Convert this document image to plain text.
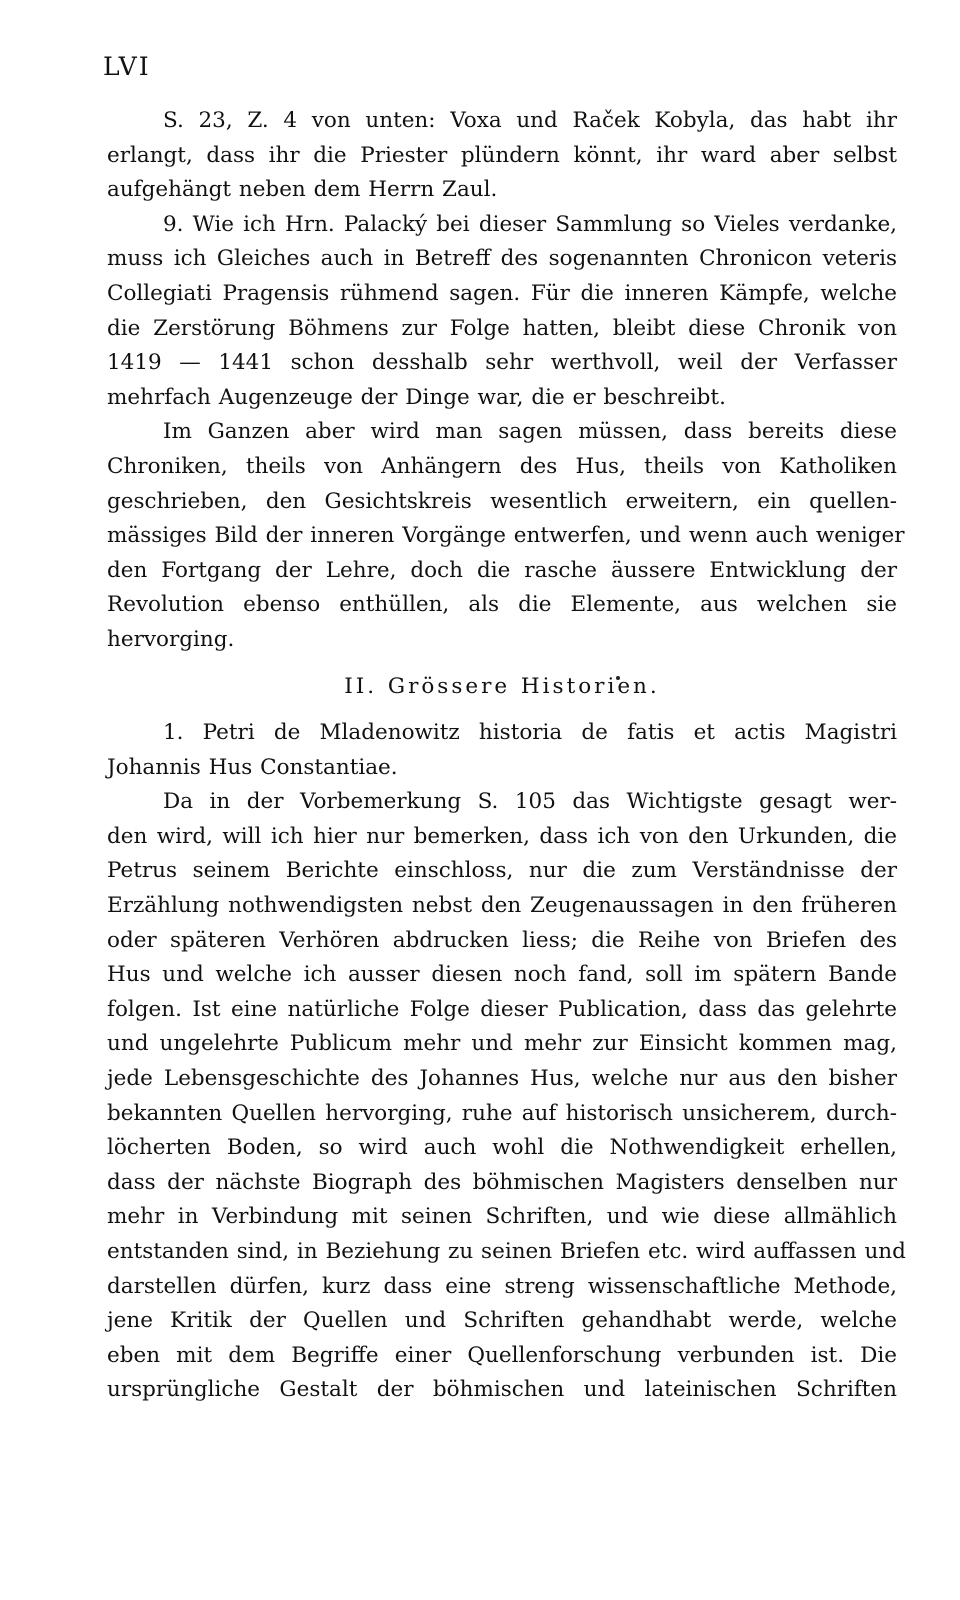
LVI
S. 23, Z. 4 von unten: Voxa und Raček Kobyla, das habt ihr
erlangt, dass ihr die Priester plündern könnt, ihr ward aber selbst
aufgehängt neben dem Herrn Zaul.
9. Wie ich Hrn. Palacký bei dieser Sammlung so Vieles verdanke,
muss ich Gleiches auch in Betreff des sogenannten Chronicon veteris
Collegiati Pragensis rühmend sagen. Für die inneren Kämpfe, welche
die Zerstörung Böhmens zur Folge hatten, bleibt diese Chronik von
1419 — 1441 schon desshalb sehr werthvoll, weil der Verfasser
mehrfach Augenzeuge der Dinge war, die er beschreibt.
Im Ganzen aber wird man sagen müssen, dass bereits diese
Chroniken, theils von Anhängern des Hus, theils von Katholiken
geschrieben, den Gesichtskreis wesentlich erweitern, ein quellen-
mässiges Bild der inneren Vorgänge entwerfen, und wenn auch weniger
den Fortgang der Lehre, doch die rasche äussere Entwicklung der
Revolution ebenso enthüllen, als die Elemente, aus welchen sie
hervorging.
II. Grössere Historien.
1. Petri de Mladenowitz historia de fatis et actis Magistri
Johannis Hus Constantiae.
Da in der Vorbemerkung S. 105 das Wichtigste gesagt wer-
den wird, will ich hier nur bemerken, dass ich von den Urkunden, die
Petrus seinem Berichte einschloss, nur die zum Verständnisse der
Erzählung nothwendigsten nebst den Zeugenaussagen in den früheren
oder späteren Verhören abdrucken liess; die Reihe von Briefen des
Hus und welche ich ausser diesen noch fand, soll im spätern Bande
folgen. Ist eine natürliche Folge dieser Publication, dass das gelehrte
und ungelehrte Publicum mehr und mehr zur Einsicht kommen mag,
jede Lebensgeschichte des Johannes Hus, welche nur aus den bisher
bekannten Quellen hervorging, ruhe auf historisch unsicherem, durch-
löcherten Boden, so wird auch wohl die Nothwendigkeit erhellen,
dass der nächste Biograph des böhmischen Magisters denselben nur
mehr in Verbindung mit seinen Schriften, und wie diese allmählich
entstanden sind, in Beziehung zu seinen Briefen etc. wird auffassen und
darstellen dürfen, kurz dass eine streng wissenschaftliche Methode,
jene Kritik der Quellen und Schriften gehandhabt werde, welche
eben mit dem Begriffe einer Quellenforschung verbunden ist. Die
ursprüngliche Gestalt der böhmischen und lateinischen Schriften
